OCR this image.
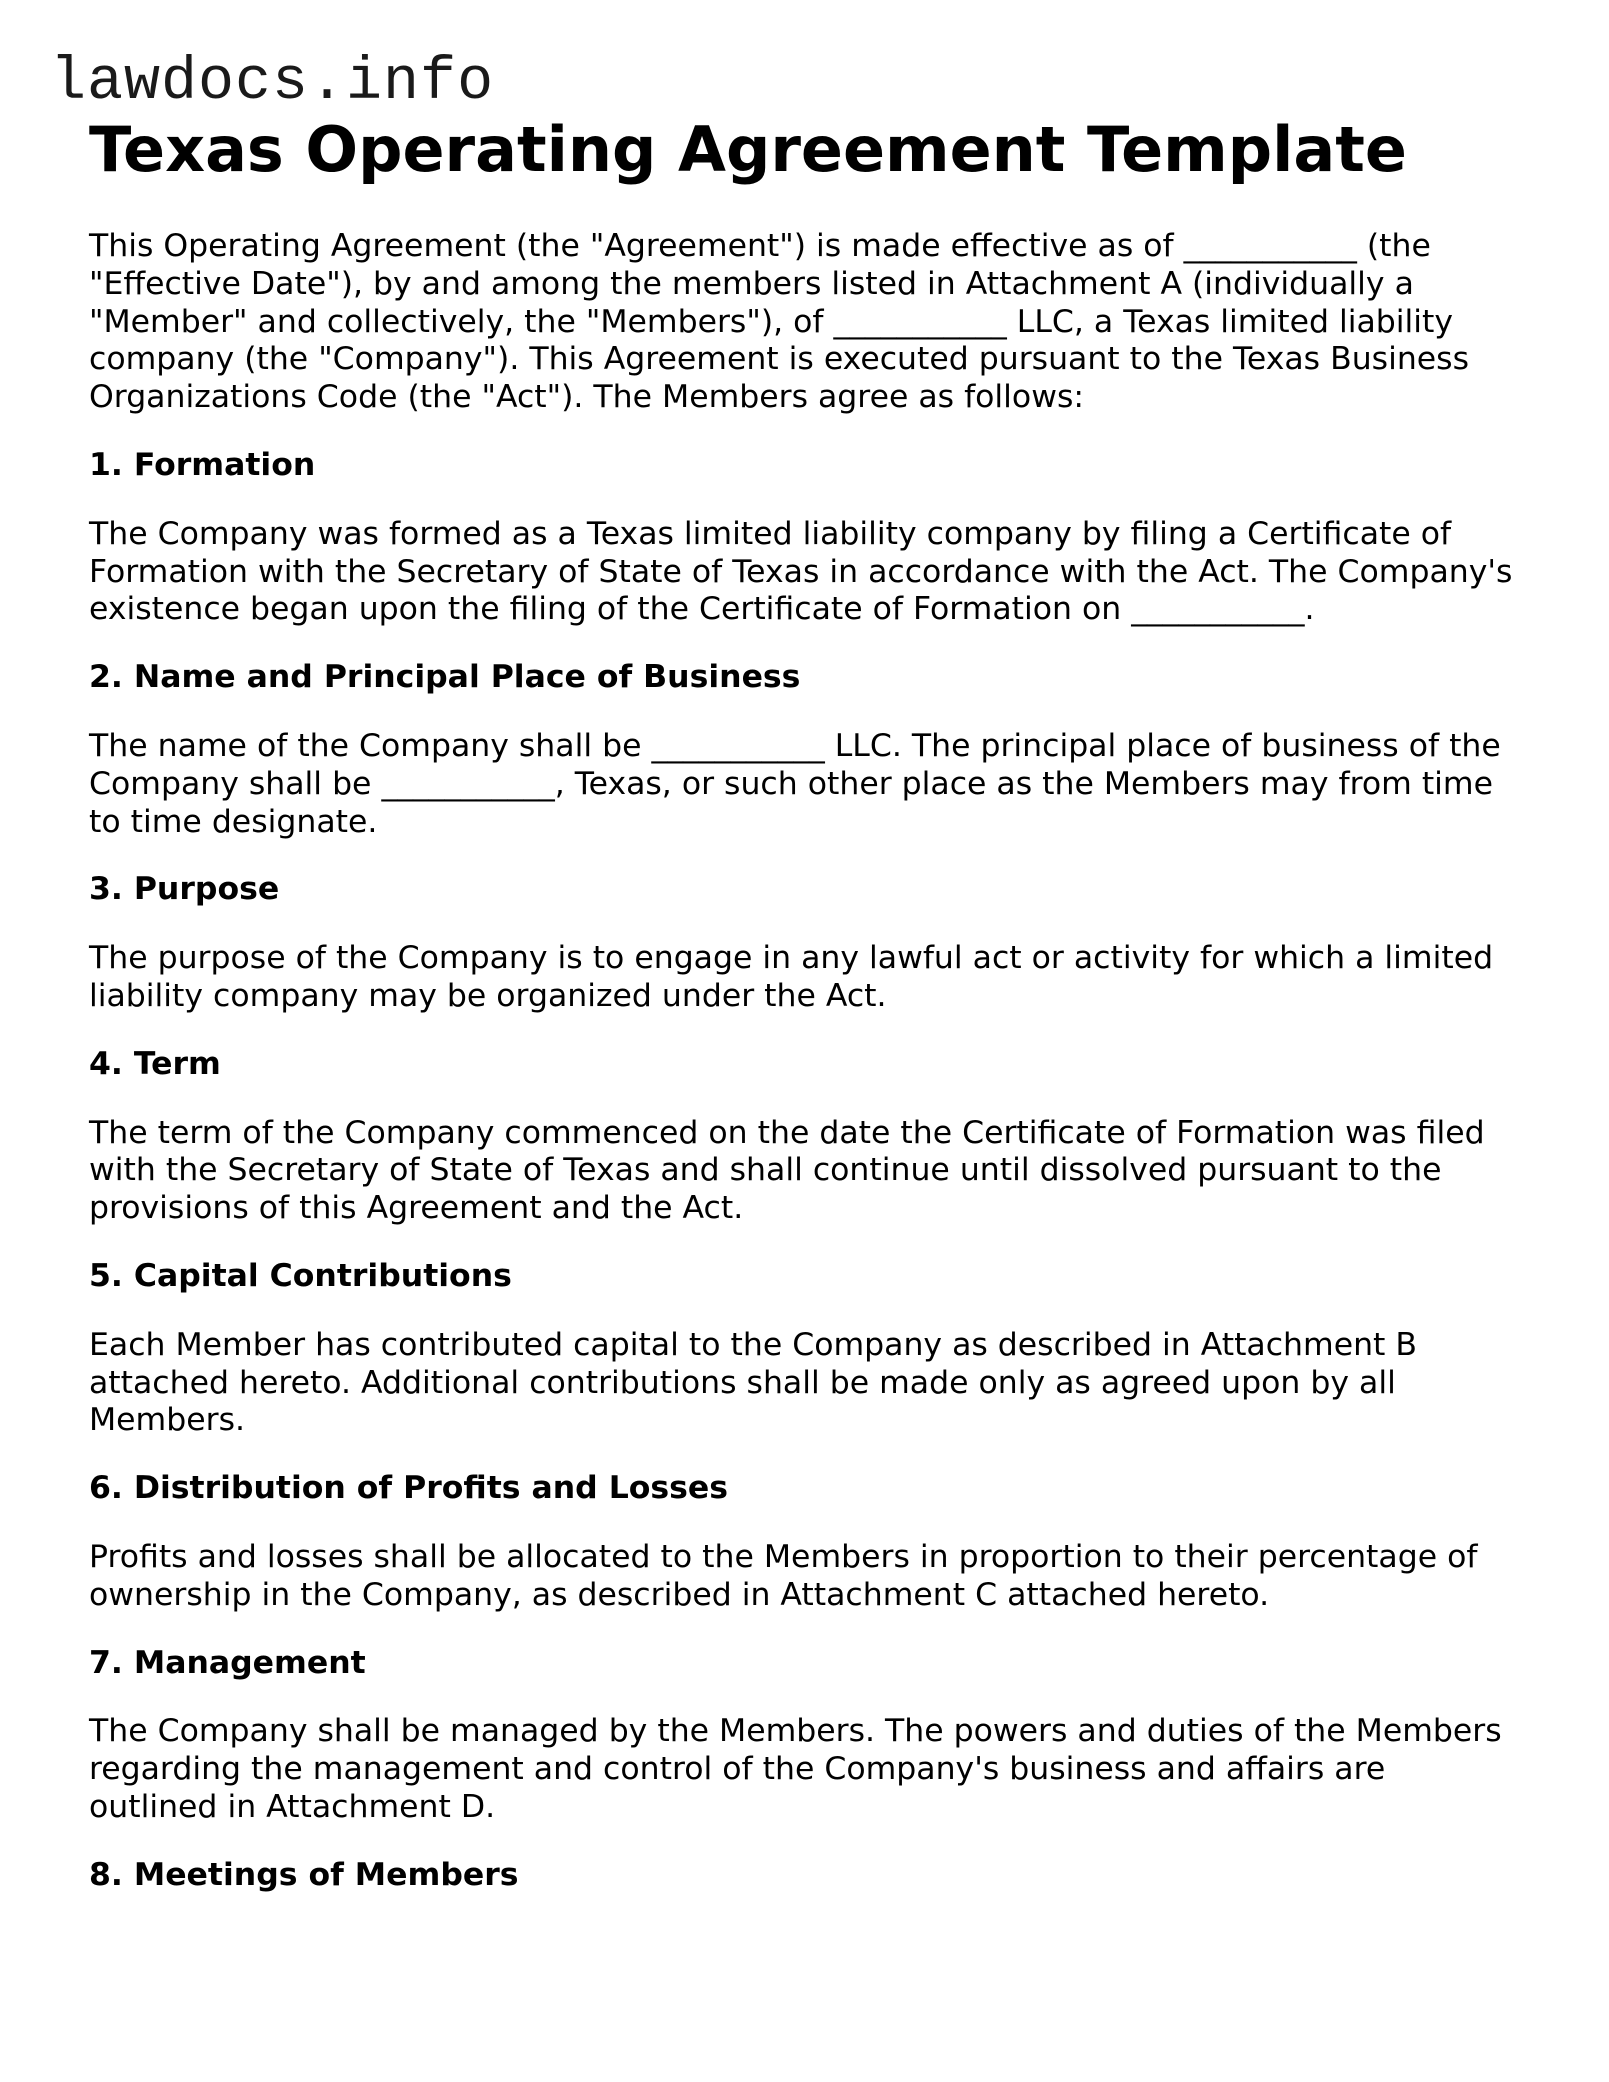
lawdocs.info
Texas Operating Agreement Template
This Operating Agreement (the "Agreement") is made effective as of ___________ (the
"Effective Date"), by and among the members listed in Attachment A (individually a
"Member" and collectively, the "Members"), of ___________ LLC, a Texas limited liability
company (the "Company"). This Agreement is executed pursuant to the Texas Business
Organizations Code (the "Act"). The Members agree as follows:
1. Formation
The Company was formed as a Texas limited liability company by filing a Certificate of
Formation with the Secretary of State of Texas in accordance with the Act. The Company's
existence began upon the filing of the Certificate of Formation on ___________.
2. Name and Principal Place of Business
The name of the Company shall be ___________ LLC. The principal place of business of the
Company shall be ___________, Texas, or such other place as the Members may from time
to time designate.
3. Purpose
The purpose of the Company is to engage in any lawful act or activity for which a limited
liability company may be organized under the Act.
4. Term
The term of the Company commenced on the date the Certificate of Formation was filed
with the Secretary of State of Texas and shall continue until dissolved pursuant to the
provisions of this Agreement and the Act.
5. Capital Contributions
Each Member has contributed capital to the Company as described in Attachment B
attached hereto. Additional contributions shall be made only as agreed upon by all
Members.
6. Distribution of Profits and Losses
Profits and losses shall be allocated to the Members in proportion to their percentage of
ownership in the Company, as described in Attachment C attached hereto.
7. Management
The Company shall be managed by the Members. The powers and duties of the Members
regarding the management and control of the Company's business and affairs are
outlined in Attachment D.
8. Meetings of Members
